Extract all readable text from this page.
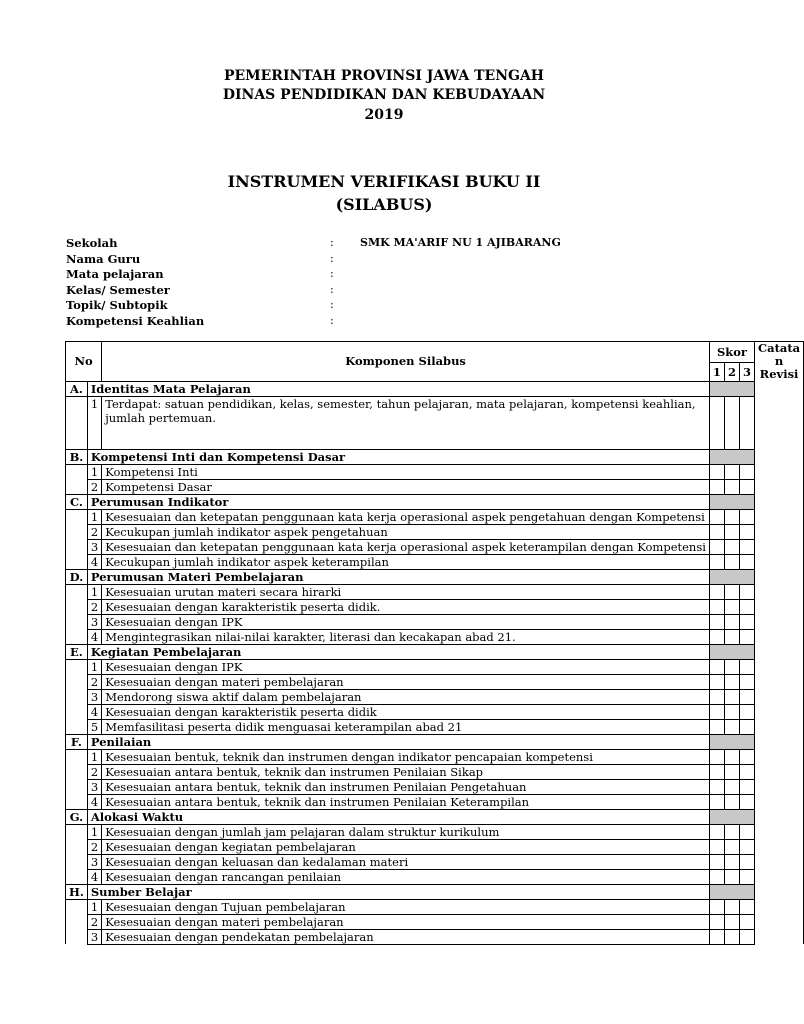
PEMERINTAH PROVINSI JAWA TENGAH
DINAS PENDIDIKAN DAN KEBUDAYAAN
2019
INSTRUMEN VERIFIKASI BUKU II
(SILABUS)
Sekolah	: SMK MA'ARIF NU 1 AJIBARANG
Nama Guru	:
Mata pelajaran	:
Kelas/ Semester	:
Topik/ Subtopik	:
Kompetensi Keahlian	:
No		Komponen Silabus	Skor			Catata
n
Revisi

			1	2	3	
A.	Identitas Mata Pelajaran					
	1	Terdapat: satuan pendidikan, kelas, semester, tahun pelajaran, mata pelajaran, kompetensi keahlian, jumlah pertemuan.				
B.	Kompetensi Inti dan Kompetensi Dasar					
	1	Kompetensi Inti				
	2	Kompetensi Dasar				
C.	Perumusan Indikator					
	1	Kesesuaian dan ketepatan penggunaan kata kerja operasional aspek pengetahuan dengan Kompetensi				
	2	Kecukupan jumlah indikator aspek pengetahuan				
	3	Kesesuaian dan ketepatan penggunaan kata kerja operasional aspek keterampilan dengan Kompetensi				
	4	Kecukupan jumlah indikator aspek keterampilan				
D.	Perumusan Materi Pembelajaran					
	1	Kesesuaian urutan materi secara hirarki				
	2	Kesesuaian dengan karakteristik peserta didik.				
	3	Kesesuaian dengan IPK				
	4	Mengintegrasikan nilai-nilai karakter, literasi dan kecakapan abad 21.				
E.	Kegiatan Pembelajaran					
	1	Kesesuaian dengan IPK				
	2	Kesesuaian dengan materi pembelajaran				
	3	Mendorong siswa aktif dalam pembelajaran				
	4	Kesesuaian dengan karakteristik peserta didik				
	5	Memfasilitasi peserta didik menguasai keterampilan abad 21				
F.	Penilaian					
	1	Kesesuaian bentuk, teknik dan instrumen dengan indikator pencapaian kompetensi				
	2	Kesesuaian antara bentuk, teknik dan instrumen Penilaian Sikap				
	3	Kesesuaian antara bentuk, teknik dan instrumen Penilaian Pengetahuan				
	4	Kesesuaian antara bentuk, teknik dan instrumen Penilaian Keterampilan				
G.	Alokasi Waktu					
	1	Kesesuaian dengan jumlah jam pelajaran dalam struktur kurikulum				
	2	Kesesuaian dengan kegiatan pembelajaran				
	3	Kesesuaian dengan keluasan dan kedalaman materi				
	4	Kesesuaian dengan rancangan penilaian				
H.	Sumber Belajar					
	1	Kesesuaian dengan Tujuan pembelajaran				
	2	Kesesuaian dengan materi pembelajaran				
	3	Kesesuaian dengan pendekatan pembelajaran				
